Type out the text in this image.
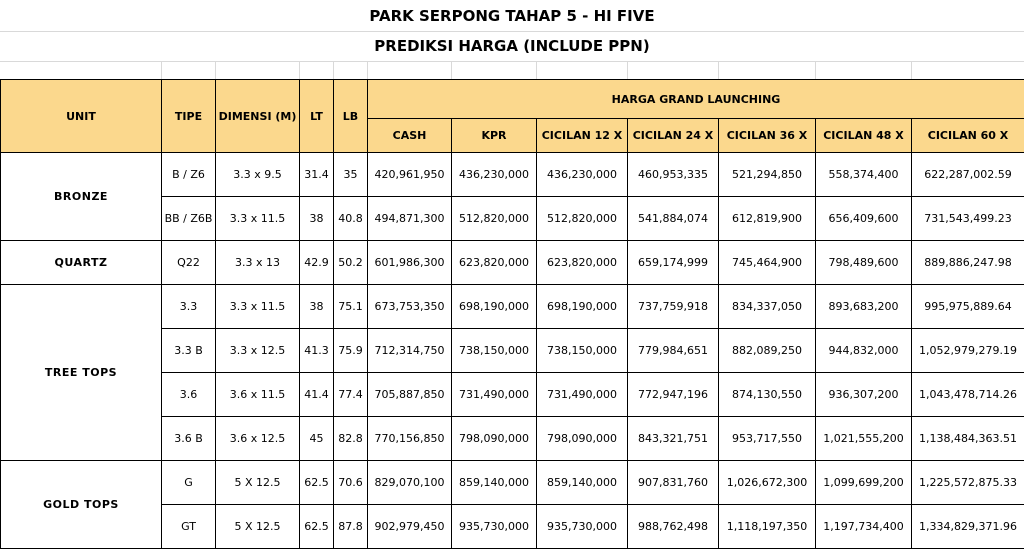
PARK SERPONG TAHAP 5 - HI FIVE
PREDIKSI HARGA (INCLUDE PPN)
UNIT	TIPE	DIMENSI (M)	LT	LB	HARGA GRAND LAUNCHING						
					CASH	KPR	CICILAN 12 X	CICILAN 24 X	CICILAN 36 X	CICILAN 48 X	CICILAN 60 X
BRONZE	B / Z6	3.3 x 9.5	31.4	35	420,961,950	436,230,000	436,230,000	460,953,335	521,294,850	558,374,400	622,287,002.59
	BB / Z6B	3.3 x 11.5	38	40.8	494,871,300	512,820,000	512,820,000	541,884,074	612,819,900	656,409,600	731,543,499.23
QUARTZ	Q22	3.3 x 13	42.9	50.2	601,986,300	623,820,000	623,820,000	659,174,999	745,464,900	798,489,600	889,886,247.98
TREE TOPS	3.3	3.3 x 11.5	38	75.1	673,753,350	698,190,000	698,190,000	737,759,918	834,337,050	893,683,200	995,975,889.64
	3.3 B	3.3 x 12.5	41.3	75.9	712,314,750	738,150,000	738,150,000	779,984,651	882,089,250	944,832,000	1,052,979,279.19
	3.6	3.6 x 11.5	41.4	77.4	705,887,850	731,490,000	731,490,000	772,947,196	874,130,550	936,307,200	1,043,478,714.26
	3.6 B	3.6 x 12.5	45	82.8	770,156,850	798,090,000	798,090,000	843,321,751	953,717,550	1,021,555,200	1,138,484,363.51
GOLD TOPS	G	5 X 12.5	62.5	70.6	829,070,100	859,140,000	859,140,000	907,831,760	1,026,672,300	1,099,699,200	1,225,572,875.33
	GT	5 X 12.5	62.5	87.8	902,979,450	935,730,000	935,730,000	988,762,498	1,118,197,350	1,197,734,400	1,334,829,371.96
